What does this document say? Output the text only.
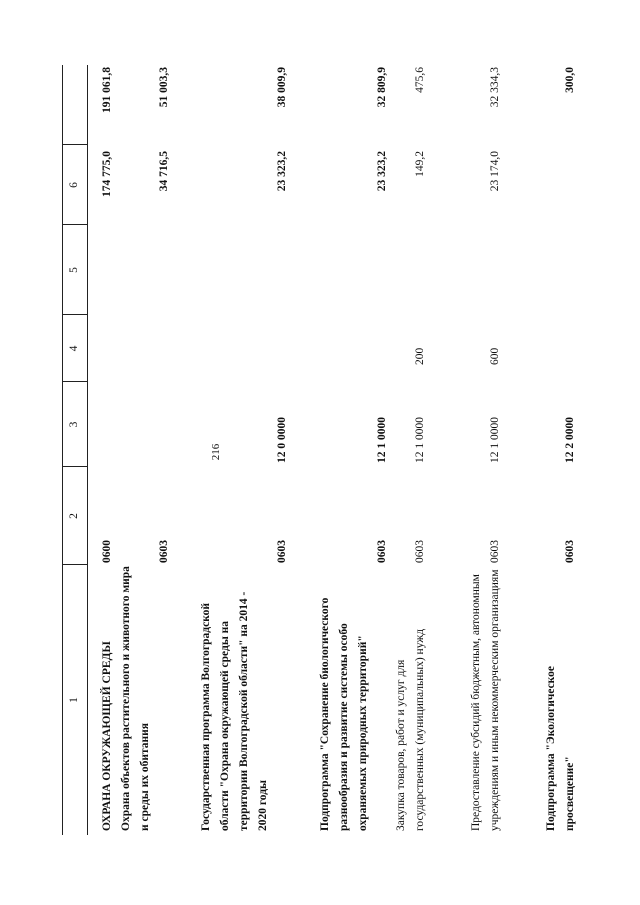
216
1
2
3
4
5
6
ОХРАНА ОКРУЖАЮЩЕЙ СРЕДЫ
0600
174 775,0
191 061,8
Охрана объектов растительного и животного мира и среды их обитания
0603
34 716,5
51 003,3
Государственная программа Волгоградской области "Охрана окружающей среды на территории Волгоградской области" на 2014 - 2020 годы
0603
12 0 0000
23 323,2
38 009,9
Подпрограмма "Сохранение биологического разнообразия и развитие системы особо охраняемых природных территорий"
0603
12 1 0000
23 323,2
32 809,9
Закупка товаров, работ и услуг для государственных (муниципальных) нужд
0603
12 1 0000
200
149,2
475,6
Предоставление субсидий бюджетным, автономным учреждениям и иным некоммерческим организациям
0603
12 1 0000
600
23 174,0
32 334,3
Подпрограмма "Экологическое просвещение"
0603
12 2 0000
300,0
